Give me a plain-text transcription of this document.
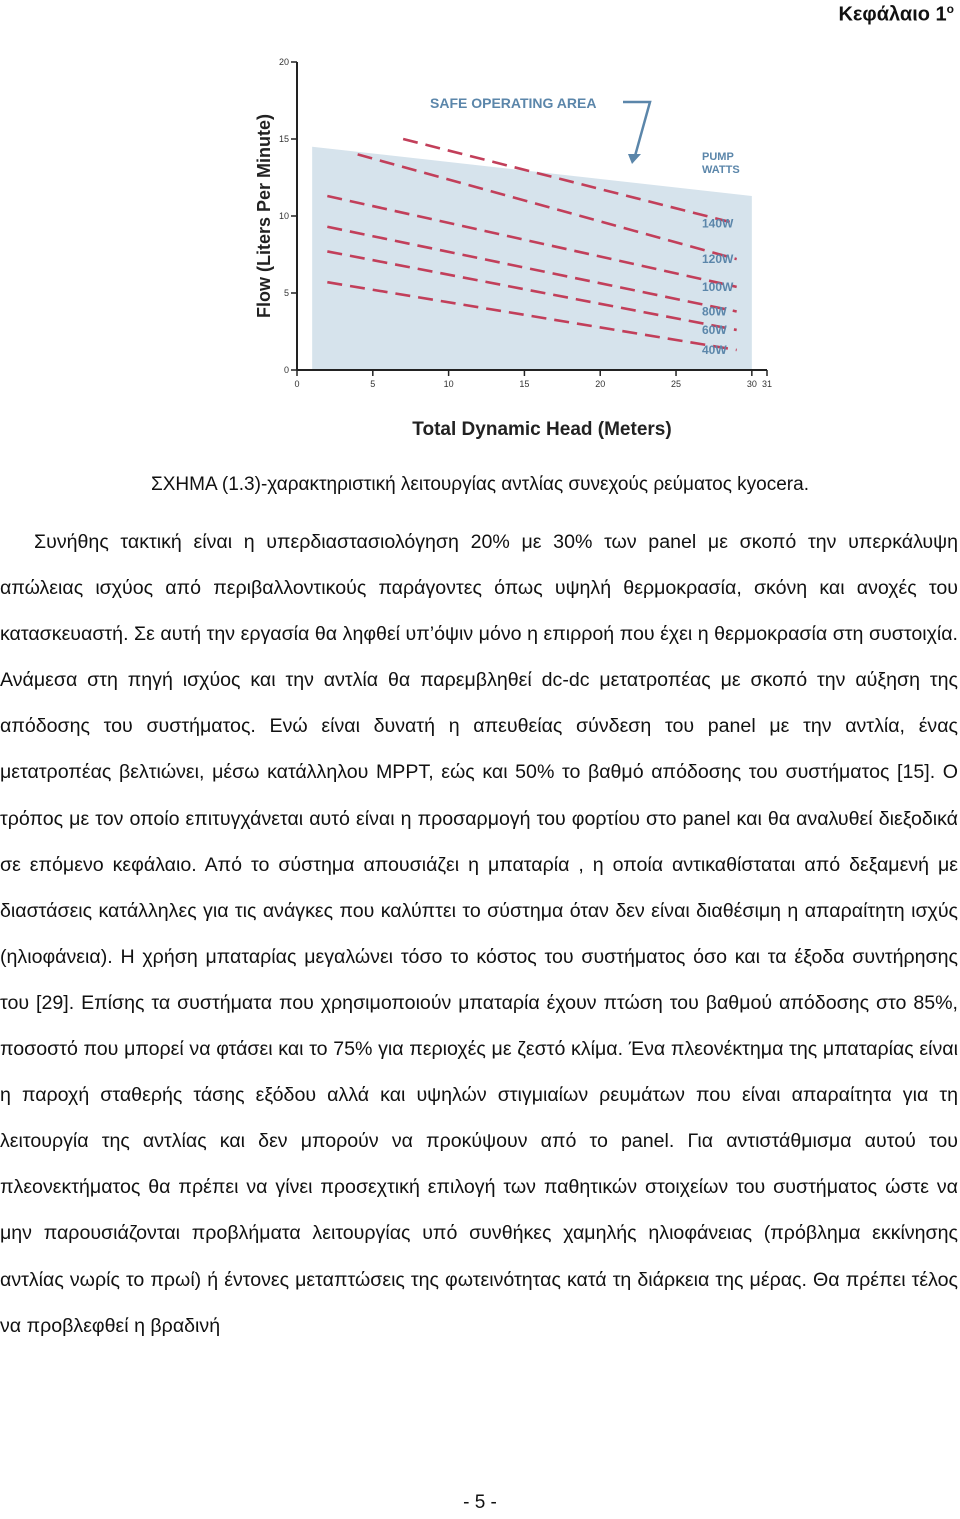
Κεφάλαιο $1^o$
0
5
10
15
20
0	5	10	15	20	25	30 31
Flow (Liters Per Minute)
Total Dynamic Head (Meters)
SAFE OPERATING AREA
PUMP
WATTS
140W
120W
100W
80W
60W
40W
ΣΧΗΜΑ (1.3)-χαρακτηριστική λειτουργίας αντλίας συνεχούς ρεύματος kyocera.

Συνήθης τακτική είναι η υπερδιαστασιολόγηση 20% με 30% των panel με σκοπό την υπερκάλυψη απώλειας ισχύος από περιβαλλοντικούς παράγοντες όπως υψηλή θερμοκρασία, σκόνη και ανοχές του κατασκευαστή. Σε αυτή την εργασία θα ληφθεί υπ’όψιν μόνο η επιρροή που έχει η θερμοκρασία στη συστοιχία. Ανάμεσα στη πηγή ισχύος και την αντλία θα παρεμβληθεί dc-dc μετατροπέας με σκοπό την αύξηση της απόδοσης του συστήματος. Ενώ είναι δυνατή η απευθείας σύνδεση του panel με την αντλία, ένας μετατροπέας βελτιώνει, μέσω κατάλληλου MPPT, εώς και 50% το βαθμό απόδοσης του συστήματος [15]. Ο τρόπος με τον οποίο επιτυγχάνεται αυτό είναι η προσαρμογή του φορτίου στο panel και θα αναλυθεί διεξοδικά σε επόμενο κεφάλαιο. Από το σύστημα απουσιάζει η μπαταρία , η οποία αντικαθίσταται από δεξαμενή με διαστάσεις κατάλληλες για τις ανάγκες που καλύπτει το σύστημα όταν δεν είναι διαθέσιμη η απαραίτητη ισχύς (ηλιοφάνεια). Η χρήση μπαταρίας μεγαλώνει τόσο το κόστος του συστήματος όσο και τα έξοδα συντήρησης του [29]. Επίσης τα συστήματα που χρησιμοποιούν μπαταρία έχουν πτώση του βαθμού απόδοσης στο 85%, ποσοστό που μπορεί να φτάσει και το 75% για περιοχές με ζεστό κλίμα. Ένα πλεονέκτημα της μπαταρίας είναι η παροχή σταθερής τάσης εξόδου αλλά και υψηλών στιγμιαίων ρευμάτων που είναι απαραίτητα για τη λειτουργία της αντλίας και δεν μπορούν να προκύψουν από το panel. Για αντιστάθμισμα αυτού του πλεονεκτήματος θα πρέπει να γίνει προσεχτική επιλογή των παθητικών στοιχείων του συστήματος ώστε να μην παρουσιάζονται προβλήματα λειτουργίας υπό συνθήκες χαμηλής ηλιοφάνειας (πρόβλημα εκκίνησης αντλίας νωρίς το πρωί) ή έντονες μεταπτώσεις της φωτεινότητας κατά τη διάρκεια της μέρας. Θα πρέπει τέλος να προβλεφθεί η βραδινή

- 5 -
